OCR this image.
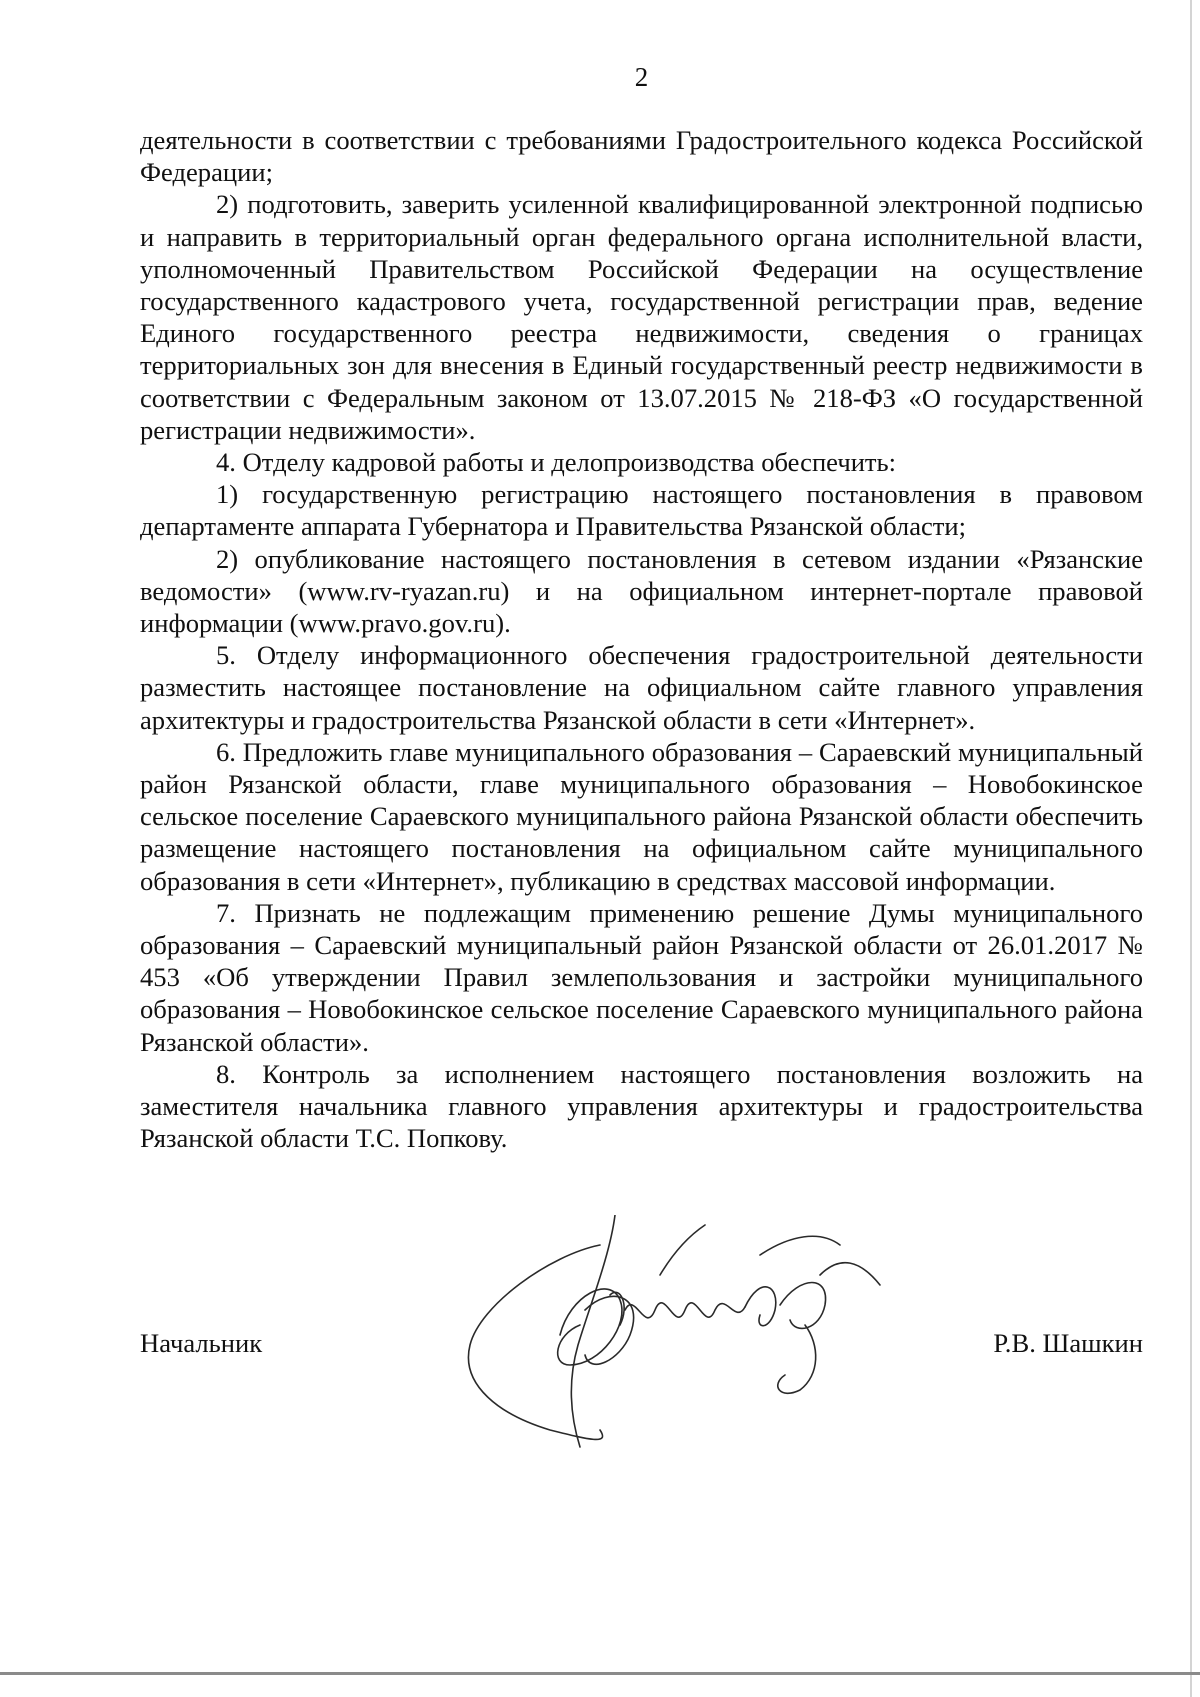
2

деятельности в соответствии с требованиями Градостроительного кодекса Российской Федерации;

2) подготовить, заверить усиленной квалифицированной электронной подписью и направить в территориальный орган федерального органа исполнительной власти, уполномоченный Правительством Российской Федерации на осуществление государственного кадастрового учета, государственной регистрации прав, ведение Единого государственного реестра недвижимости, сведения о границах территориальных зон для внесения в Единый государственный реестр недвижимости в соответствии с Федеральным законом от 13.07.2015 № 218-ФЗ «О государственной регистрации недвижимости».

4. Отделу кадровой работы и делопроизводства обеспечить:

1) государственную регистрацию настоящего постановления в правовом департаменте аппарата Губернатора и Правительства Рязанской области;

2) опубликование настоящего постановления в сетевом издании «Рязанские ведомости» (www.rv-ryazan.ru) и на официальном интернет-портале правовой информации (www.pravo.gov.ru).

5. Отделу информационного обеспечения градостроительной деятельности разместить настоящее постановление на официальном сайте главного управления архитектуры и градостроительства Рязанской области в сети «Интернет».

6. Предложить главе муниципального образования – Сараевский муниципальный район Рязанской области, главе муниципального образования – Новобокинское сельское поселение Сараевского муниципального района Рязанской области обеспечить размещение настоящего постановления на официальном сайте муниципального образования в сети «Интернет», публикацию в средствах массовой информации.

7. Признать не подлежащим применению решение Думы муниципального образования – Сараевский муниципальный район Рязанской области от 26.01.2017 № 453 «Об утверждении Правил землепользования и застройки муниципального образования – Новобокинское сельское поселение Сараевского муниципального района Рязанской области».

8. Контроль за исполнением настоящего постановления возложить на заместителя начальника главного управления архитектуры и градостроительства Рязанской области Т.С. Попкову.

Начальник	Р.В. Шашкин
